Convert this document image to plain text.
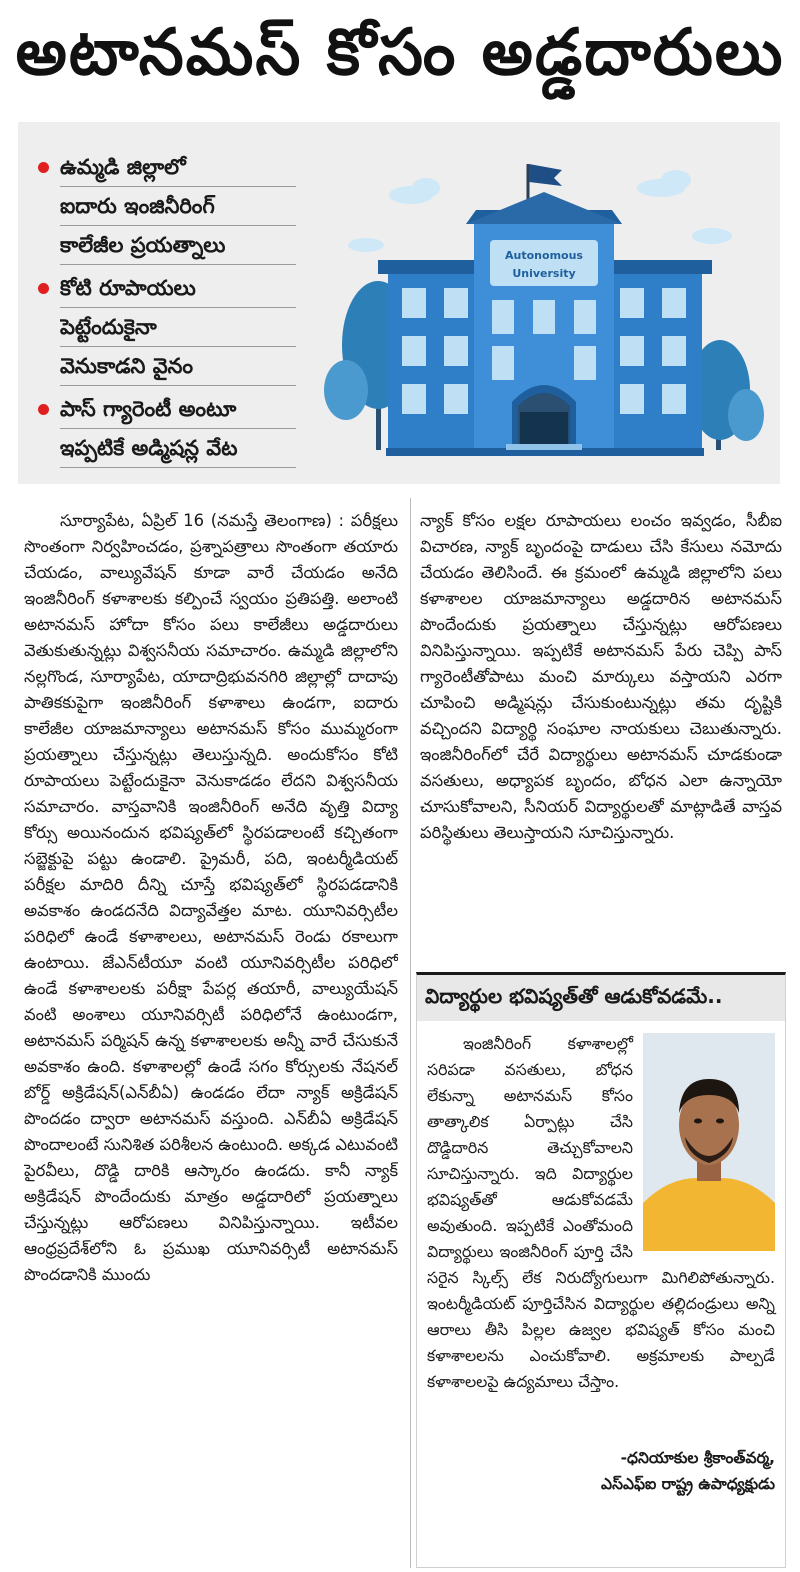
అటానమస్ కోసం అడ్డదారులు
ఉమ్మడి జిల్లాలో
ఐదారు ఇంజినీరింగ్
కాలేజీల ప్రయత్నాలు
కోటి రూపాయలు
పెట్టేందుకైనా
వెనుకాడని వైనం
పాస్ గ్యారెంటీ అంటూ
ఇప్పటికే అడ్మిషన్ల వేట
Autonomous
University

సూర్యాపేట, ఏప్రిల్ 16 (నమస్తే తెలంగాణ) : పరీక్షలు సొంతంగా నిర్వహించడం, ప్రశ్నాపత్రాలు సొంతంగా తయారు చేయడం, వాల్యువేషన్ కూడా వారే చేయడం అనేది ఇంజినీరింగ్ కళాశాలకు కల్పించే స్వయం ప్రతిపత్తి. అలాంటి అటానమస్ హోదా కోసం పలు కాలేజీలు అడ్డదారులు వెతుకుతున్నట్లు విశ్వసనీయ సమాచారం. ఉమ్మడి జిల్లాలోని నల్లగొండ, సూర్యాపేట, యాదాద్రిభువనగిరి జిల్లాల్లో దాదాపు పాతికకుపైగా ఇంజినీరింగ్ కళాశాలు ఉండగా, ఐదారు కాలేజీల యాజమాన్యాలు అటానమస్ కోసం ముమ్మరంగా ప్రయత్నాలు చేస్తున్నట్లు తెలుస్తున్నది. అందుకోసం కోటి రూపాయలు పెట్టేందుకైనా వెనుకాడడం లేదని విశ్వసనీయ సమాచారం. వాస్తవానికి ఇంజినీరింగ్ అనేది వృత్తి విద్యా కోర్సు అయినందున భవిష్యత్‌లో స్థిరపడాలంటే కచ్చితంగా సబ్జెక్టుపై పట్టు ఉండాలి. ప్రైమరీ, పది, ఇంటర్మీడియట్ పరీక్షల మాదిరి దీన్ని చూస్తే భవిష్యత్‌లో స్థిరపడడానికి అవకాశం ఉండదనేది విద్యావేత్తల మాట. యూనివర్సిటీల పరిధిలో ఉండే కళాశాలలు, అటానమస్ రెండు రకాలుగా ఉంటాయి. జేఎన్‌టీయూ వంటి యూనివర్సిటీల పరిధిలో ఉండే కళాశాలలకు పరీక్షా పేపర్ల తయారీ, వాల్యుయేషన్ వంటి అంశాలు యూనివర్సిటీ పరిధిలోనే ఉంటుండగా, అటానమస్ పర్మిషన్ ఉన్న కళాశాలలకు అన్నీ వారే చేసుకునే అవకాశం ఉంది. కళాశాలల్లో ఉండే సగం కోర్సులకు నేషనల్ బోర్డ్ అక్రిడేషన్(ఎన్‌బీఏ) ఉండడం లేదా న్యాక్ అక్రిడేషన్ పొందడం ద్వారా అటానమస్ వస్తుంది. ఎన్‌బీఏ అక్రిడేషన్ పొందాలంటే సునిశిత పరిశీలన ఉంటుంది. అక్కడ ఎటువంటి పైరవీలు, దొడ్డి దారికి ఆస్కారం ఉండదు. కానీ న్యాక్ అక్రిడేషన్ పొందేందుకు మాత్రం అడ్డదారిలో ప్రయత్నాలు చేస్తున్నట్లు ఆరోపణలు వినిపిస్తున్నాయి. ఇటీవల ఆంధ్రప్రదేశ్‌లోని ఓ ప్రముఖ యూనివర్సిటీ అటానమస్ పొందడానికి ముందు

న్యాక్ కోసం లక్షల రూపాయలు లంచం ఇవ్వడం, సీబీఐ విచారణ, న్యాక్ బృందంపై దాడులు చేసి కేసులు నమోదు చేయడం తెలిసిందే. ఈ క్రమంలో ఉమ్మడి జిల్లాలోని పలు కళాశాలల యాజమాన్యాలు అడ్డదారిన అటానమస్ పొందేందుకు ప్రయత్నాలు చేస్తున్నట్లు ఆరోపణలు వినిపిస్తున్నాయి. ఇప్పటికే అటానమస్ పేరు చెప్పి పాస్ గ్యారెంటీతోపాటు మంచి మార్కులు వస్తాయని ఎరగా చూపించి అడ్మిషన్లు చేసుకుంటున్నట్లు తమ దృష్టికి వచ్చిందని విద్యార్థి సంఘాల నాయకులు చెబుతున్నారు. ఇంజినీరింగ్‌లో చేరే విద్యార్థులు అటానమస్ చూడకుండా వసతులు, అధ్యాపక బృందం, బోధన ఎలా ఉన్నాయో చూసుకోవాలని, సీనియర్ విద్యార్థులతో మాట్లాడితే వాస్తవ పరిస్థితులు తెలుస్తాయని సూచిస్తున్నారు.

విద్యార్థుల భవిష్యత్‌తో ఆడుకోవడమే..

ఇంజినీరింగ్ కళాశాలల్లో సరిపడా వసతులు, బోధన లేకున్నా అటానమస్ కోసం తాత్కాలిక ఏర్పాట్లు చేసి దొడ్డిదారిన తెచ్చుకోవాలని సూచిస్తున్నారు. ఇది విద్యార్థుల భవిష్యత్‌తో ఆడుకోవడమే అవుతుంది. ఇప్పటికే ఎంతోమంది విద్యార్థులు ఇంజినీరింగ్ పూర్తి చేసి సరైన స్కిల్స్ లేక నిరుద్యోగులుగా మిగిలిపోతున్నారు. ఇంటర్మీడియట్ పూర్తిచేసిన విద్యార్థుల తల్లిదండ్రులు అన్ని ఆరాలు తీసి పిల్లల ఉజ్వల భవిష్యత్ కోసం మంచి కళాశాలలను ఎంచుకోవాలి. అక్రమాలకు పాల్పడే కళాశాలలపై ఉద్యమాలు చేస్తాం.

-ధనియాకుల శ్రీకాంత్‌వర్మ,
ఎస్‌ఎఫ్‌ఐ రాష్ట్ర ఉపాధ్యక్షుడు
